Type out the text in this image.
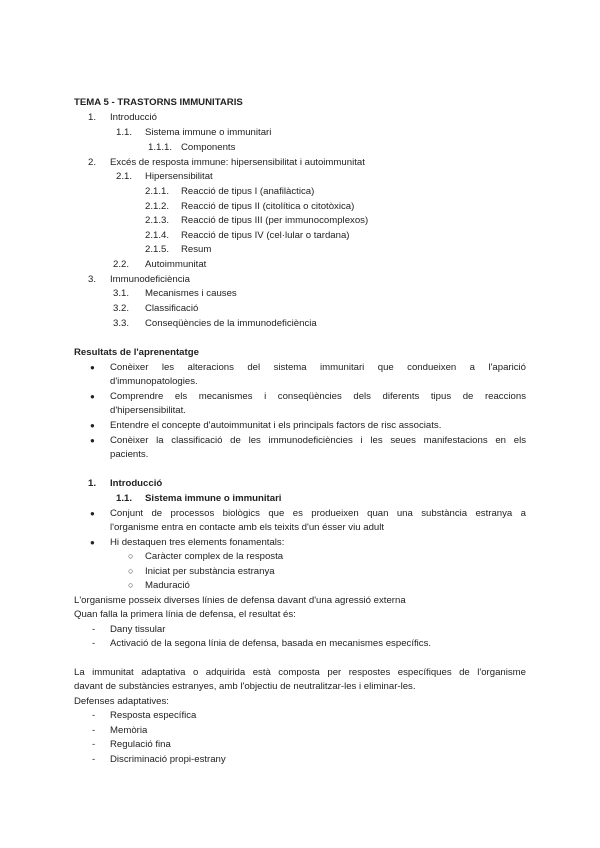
TEMA 5 - TRASTORNS IMMUNITARIS
1. Introducció
1.1. Sistema immune o immunitari
1.1.1. Components
2. Excés de resposta immune: hipersensibilitat i autoimmunitat
2.1. Hipersensibilitat
2.1.1. Reacció de tipus I (anafilàctica)
2.1.2. Reacció de tipus II (citolítica o citotòxica)
2.1.3. Reacció de tipus III (per immunocomplexos)
2.1.4. Reacció de tipus IV (cel·lular o tardana)
2.1.5. Resum
2.2. Autoimmunitat
3. Immunodeficiència
3.1. Mecanismes i causes
3.2. Classificació
3.3. Conseqüències de la immunodeficiència
Resultats de l'aprenentatge
● Conèixer les alteracions del sistema immunitari que condueixen a l'aparició
d'immunopatologies.
● Comprendre els mecanismes i conseqüències dels diferents tipus de reaccions
d'hipersensibilitat.
● Entendre el concepte d'autoimmunitat i els principals factors de risc associats.
● Conèixer la classificació de les immunodeficiències i les seues manifestacions en els
pacients.
1. Introducció
1.1. Sistema immune o immunitari
● Conjunt de processos biològics que es produeixen quan una substància estranya a
l'organisme entra en contacte amb els teixits d'un ésser viu adult
● Hi destaquen tres elements fonamentals:
○ Caràcter complex de la resposta
○ Iniciat per substància estranya
○ Maduració
L'organisme posseix diverses línies de defensa davant d'una agressió externa
Quan falla la primera línia de defensa, el resultat és:
- Dany tissular
- Activació de la segona línia de defensa, basada en mecanismes específics.
La immunitat adaptativa o adquirida està composta per respostes específiques de l'organisme
davant de substàncies estranyes, amb l'objectiu de neutralitzar-les i eliminar-les.
Defenses adaptatives:
- Resposta específica
- Memòria
- Regulació fina
- Discriminació propi-estrany
